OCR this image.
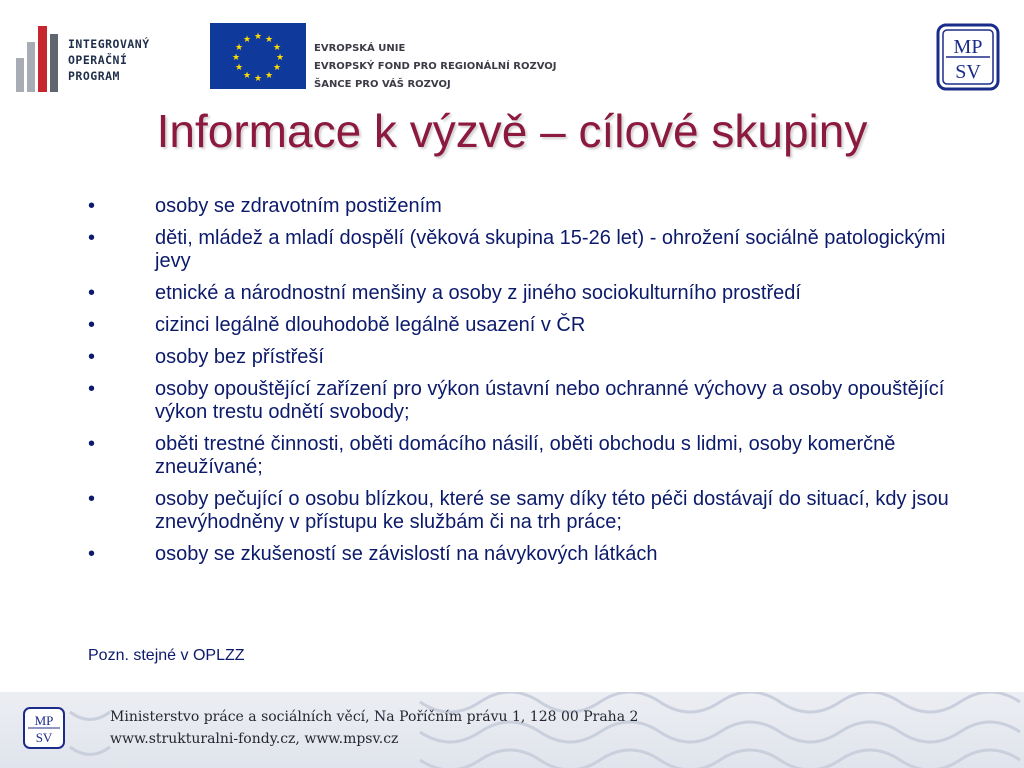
INTEGROVANÝ
OPERAČNÍ
PROGRAM
★ ★
★
★
★
★
★
★
★
★
★
★
EVROPSKÁ UNIE
EVROPSKÝ FOND PRO REGIONÁLNÍ ROZVOJ
ŠANCE PRO VÁŠ ROZVOJ
MP
SV
Informace k výzvě – cílové skupiny
•	osoby se zdravotním postižením
•	děti, mládež a mladí dospělí (věková skupina 15-26 let) - ohrožení sociálně patologickými jevy
•	etnické a národnostní menšiny a osoby z jiného sociokulturního prostředí
•	cizinci legálně dlouhodobě legálně usazení v ČR
•	osoby bez přístřeší
•	osoby opouštějící zařízení pro výkon ústavní nebo ochranné výchovy a osoby opouštějící výkon trestu odnětí svobody;
•	oběti trestné činnosti, oběti domácího násilí, oběti obchodu s lidmi, osoby komerčně zneužívané;
•	osoby pečující o osobu blízkou, které se samy díky této péči dostávají do situací, kdy jsou znevýhodněny v přístupu ke službám či na trh práce;
•	osoby se zkušeností se závislostí na návykových látkách
Pozn. stejné v OPLZZ
MP
SV
Ministerstvo práce a sociálních věcí, Na Poříčním právu 1, 128 00 Praha 2
www.strukturalni-fondy.cz, www.mpsv.cz
